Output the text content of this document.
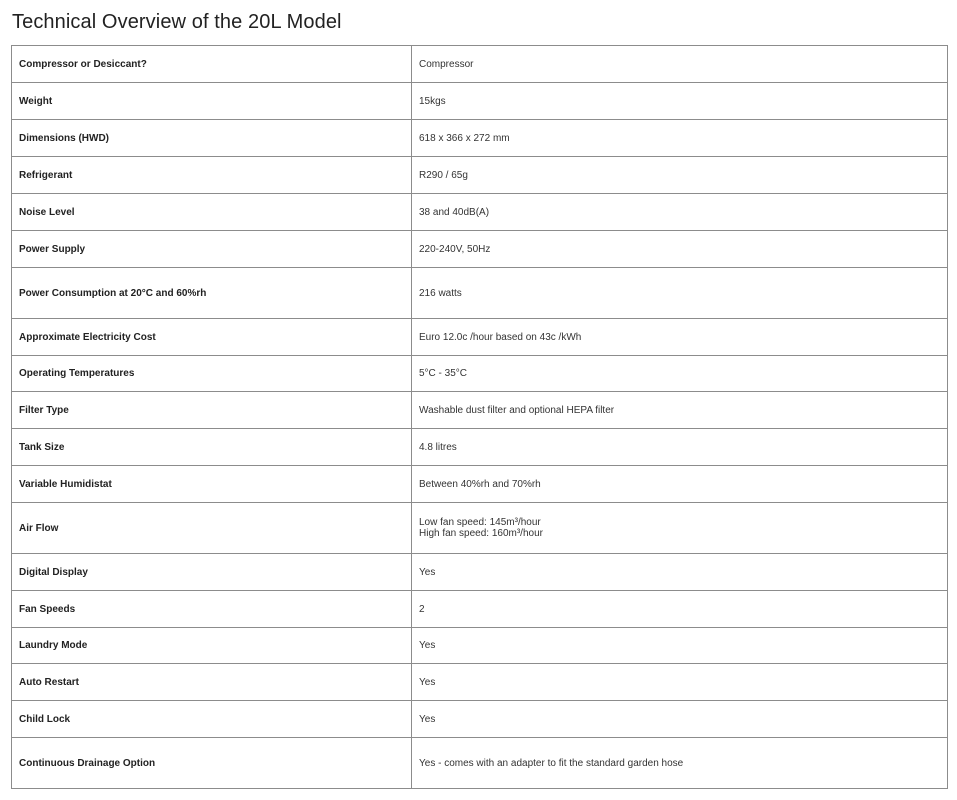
Technical Overview of the 20L Model
Compressor or Desiccant?	Compressor
Weight	15kgs
Dimensions (HWD)	618 x 366 x 272 mm
Refrigerant	R290 / 65g
Noise Level	38 and 40dB(A)
Power Supply	220-240V, 50Hz
Power Consumption at 20°C and 60%rh	216 watts
Approximate Electricity Cost	Euro 12.0c /hour based on 43c /kWh
Operating Temperatures	5°C - 35°C
Filter Type	Washable dust filter and optional HEPA filter
Tank Size	4.8 litres
Variable Humidistat	Between 40%rh and 70%rh
Air Flow	Low fan speed: 145m³/hour
High fan speed: 160m³/hour
Digital Display	Yes
Fan Speeds	2
Laundry Mode	Yes
Auto Restart	Yes
Child Lock	Yes
Continuous Drainage Option	Yes - comes with an adapter to fit the standard garden hose
